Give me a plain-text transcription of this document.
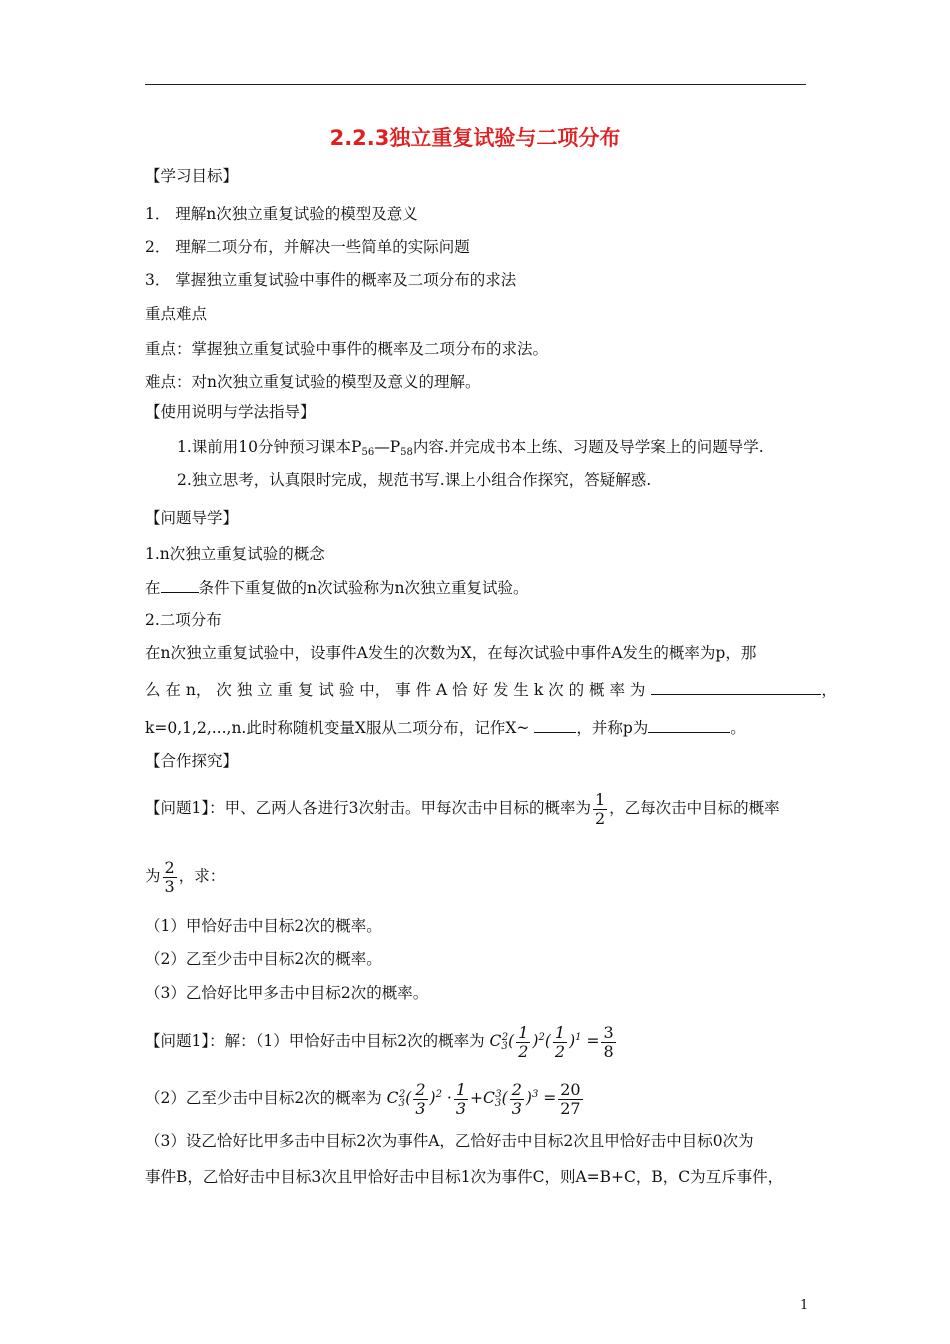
2.2.3独立重复试验与二项分布
【学习目标】
1． 理解n次独立重复试验的模型及意义
2． 理解二项分布，并解决一些简单的实际问题
3． 掌握独立重复试验中事件的概率及二项分布的求法
重点难点
重点：掌握独立重复试验中事件的概率及二项分布的求法。
难点：对n次独立重复试验的模型及意义的理解。
【使用说明与学法指导】
1.课前用10分钟预习课本$P_{56}—P_{58}$内容.并完成书本上练、习题及导学案上的问题导学.
2.独立思考，认真限时完成，规范书写.课上小组合作探究，答疑解惑.
【问题导学】
1.n次独立重复试验的概念
在 条件下重复做的n次试验称为n次独立重复试验。
2.二项分布
在n次独立重复试验中，设事件A发生的次数为X，在每次试验中事件A发生的概率为p，那
么 在 n， 次 独 立 重 复 试 验 中， 事 件 A 恰 好 发 生 k 次 的 概 率 为	，
k=0,1,2,...,n.此时称随机变量X服从二项分布，记作X~	，并称p为	。
【合作探究】
【问题1】：甲、乙两人各进行3次射击。甲每次击中目标的概率为 $\frac{1}{2}$ ，乙每次击中目标的概率
为 $\frac{2}{3}$ ，求：
（1）甲恰好击中目标2次的概率。
（2）乙至少击中目标2次的概率。
（3）乙恰好比甲多击中目标2次的概率。
【问题1】：解：（1）甲恰好击中目标2次的概率为 $C_3^2( \frac{1}{2} )^2( \frac{1}{2} )^1 = \frac{3}{8}$
（2）乙至少击中目标2次的概率为 $C_3^2( \frac{2}{3} )^2 \cdot \frac{1}{3} +C_3^3( \frac{2}{3} )^3 = \frac{20}{27}$
（3）设乙恰好比甲多击中目标2次为事件A，乙恰好击中目标2次且甲恰好击中目标0次为
事件B，乙恰好击中目标3次且甲恰好击中目标1次为事件C，则A=B+C，B，C为互斥事件，
1
